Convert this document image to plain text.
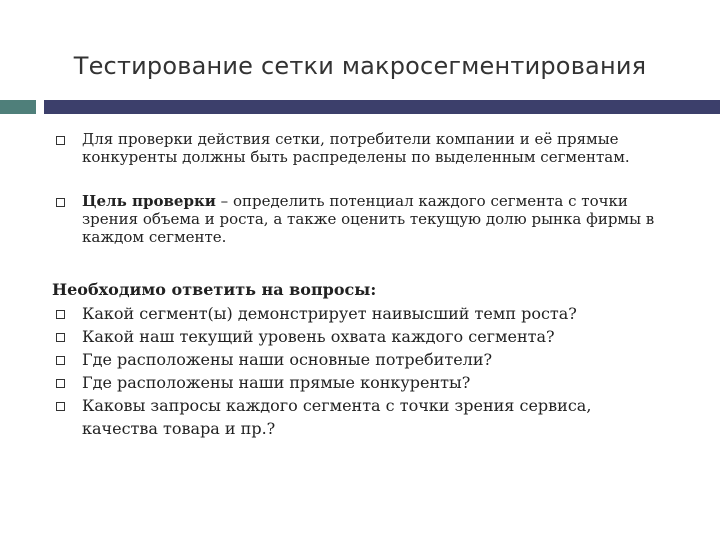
Тестирование сетки макросегментирования
Для проверки действия сетки, потребители компании и её прямые конкуренты должны быть распределены по выделенным сегментам.
Цель проверки – определить потенциал каждого сегмента с точки зрения объема и роста, а также оценить текущую долю рынка фирмы в каждом сегменте.
Необходимо ответить на вопросы:
Какой сегмент(ы) демонстрирует наивысший темп роста?
Какой наш текущий уровень охвата каждого сегмента?
Где расположены наши основные потребители?
Где расположены наши прямые конкуренты?
Каковы запросы каждого сегмента с точки зрения сервиса, качества товара и пр.?
